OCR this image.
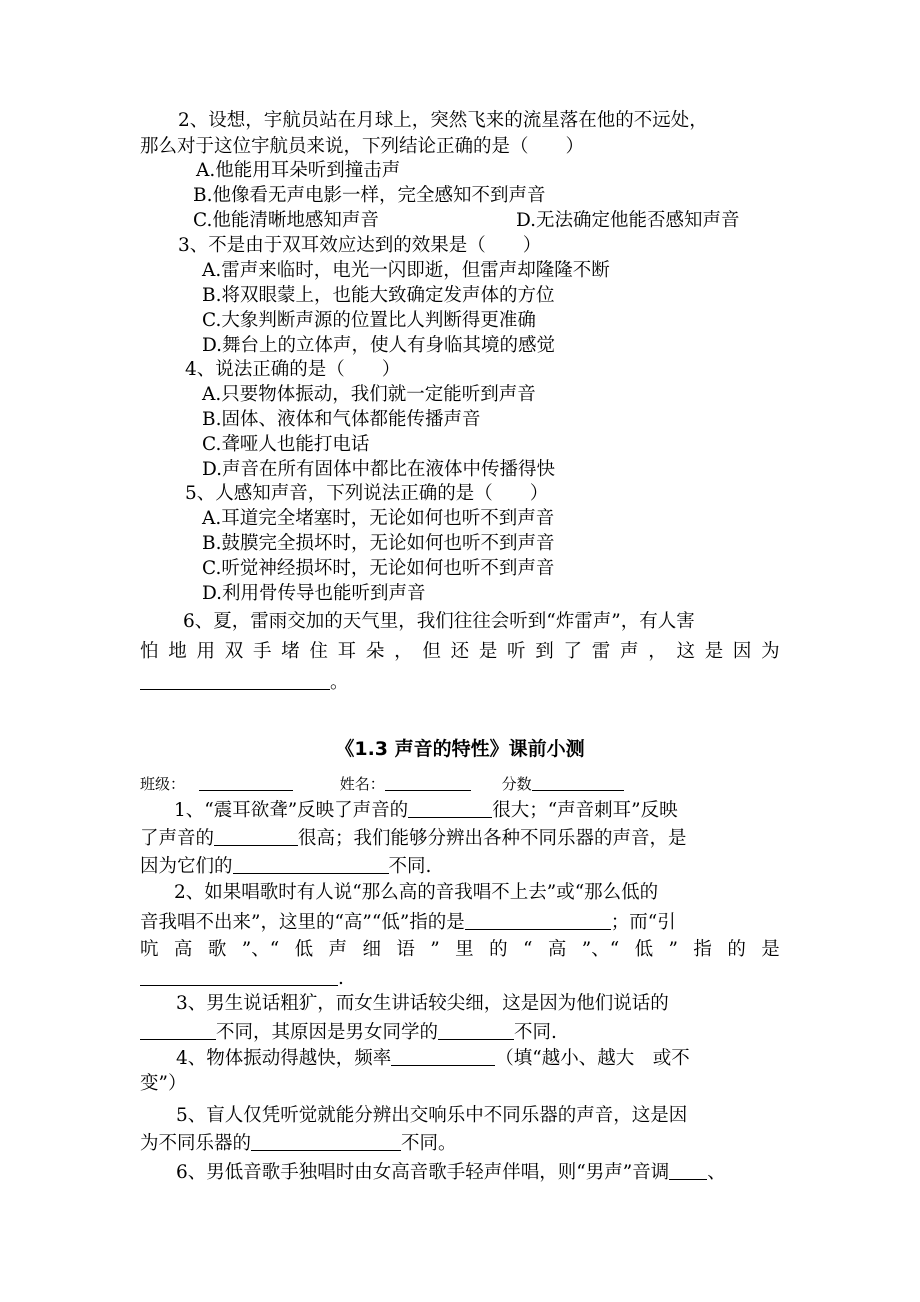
2、设想，宇航员站在月球上，突然飞来的流星落在他的不远处，
那么对于这位宇航员来说，下列结论正确的是（　　）
A.他能用耳朵听到撞击声
B.他像看无声电影一样，完全感知不到声音
C.他能清晰地感知声音	D.无法确定他能否感知声音
3、不是由于双耳效应达到的效果是（　　）
A.雷声来临时，电光一闪即逝，但雷声却隆隆不断
B.将双眼蒙上，也能大致确定发声体的方位
C.大象判断声源的位置比人判断得更准确
D.舞台上的立体声，使人有身临其境的感觉
4、说法正确的是（　　）
A.只要物体振动，我们就一定能听到声音
B.固体、液体和气体都能传播声音
C.聋哑人也能打电话
D.声音在所有固体中都比在液体中传播得快
5、人感知声音，下列说法正确的是（　　）
A.耳道完全堵塞时，无论如何也听不到声音
B.鼓膜完全损坏时，无论如何也听不到声音
C.听觉神经损坏时，无论如何也听不到声音
D.利用骨传导也能听到声音
6、夏，雷雨交加的天气里，我们往往会听到“炸雷声”，有人害
怕 地 用 双 手 堵 住 耳 朵 ， 但 还 是 听 到 了 雷 声 ， 这 是 因 为
。
《1.3 声音的特性》课前小测
班级：	姓名：	分数
1、“震耳欲聋”反映了声音的	很大；“声音刺耳”反映
了声音的	很高；我们能够分辨出各种不同乐器的声音，是
因为它们的	不同.
2、如果唱歌时有人说“那么高的音我唱不上去”或“那么低的
音我唱不出来”，这里的“高”“低”指的是	；而“引
吭 高 歌 ”、“ 低 声 细 语 ” 里 的 “ 高 ”、“ 低 ” 指 的 是
.
3、男生说话粗犷，而女生讲话较尖细，这是因为他们说话的
不同，其原因是男女同学的	不同.
4、物体振动得越快，频率	（填“越小、越大　或不
变”）
5、盲人仅凭听觉就能分辨出交响乐中不同乐器的声音，这是因
为不同乐器的	不同。
6、男低音歌手独唱时由女高音歌手轻声伴唱，则“男声”音调 、
